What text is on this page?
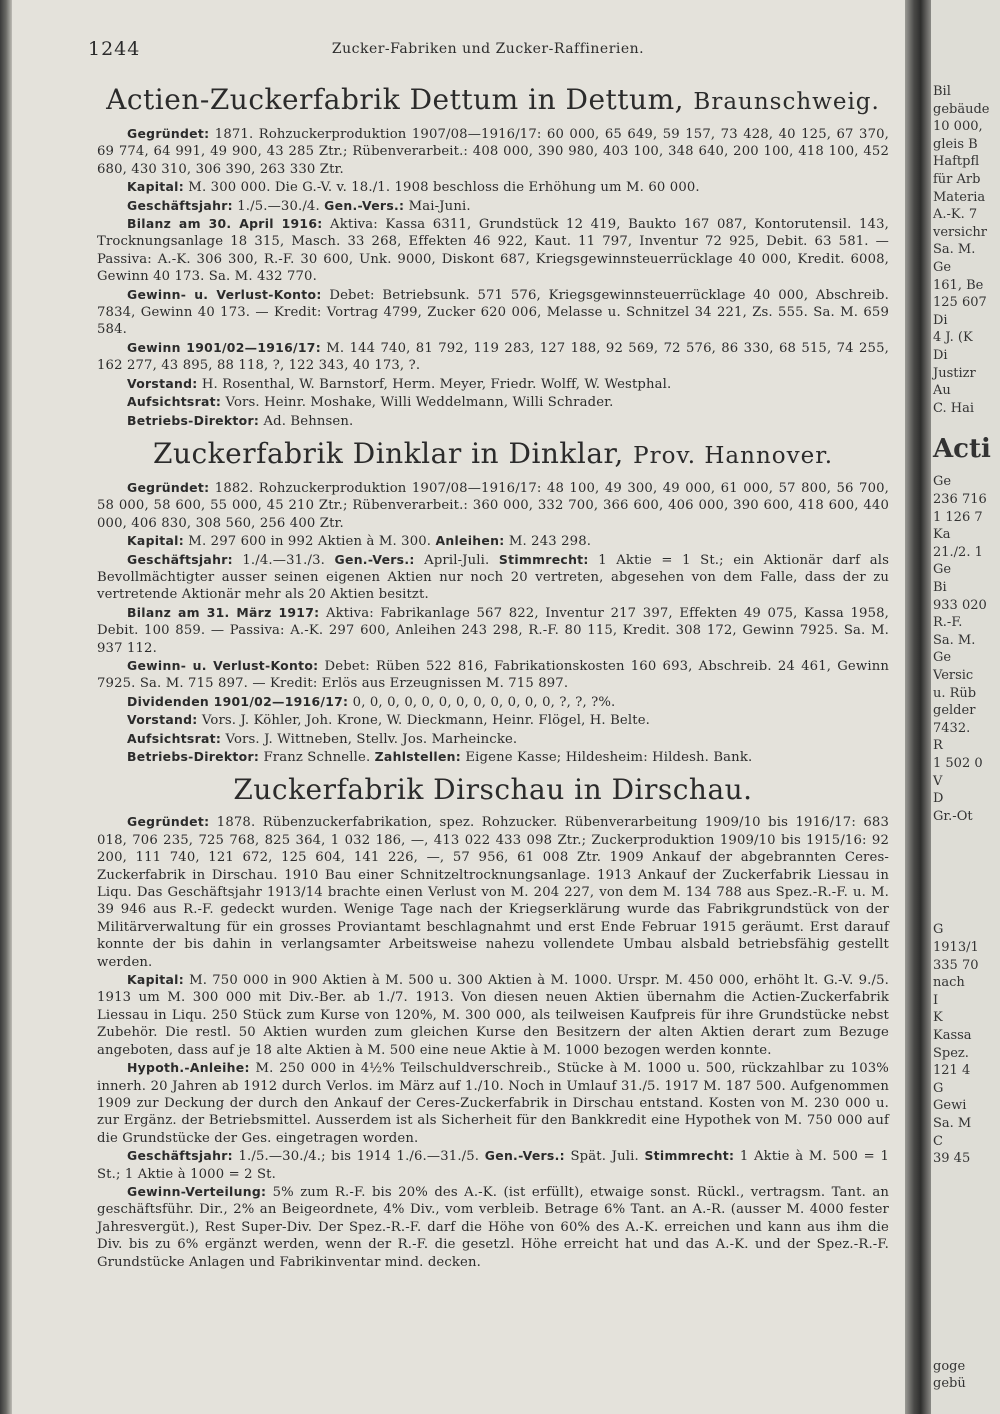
Bil
gebäude
10 000,
gleis B
Haftpfl
für Arb
Materia
A.-K. 7
versichr
Sa. M.
Ge
161, Be
125 607
Di
4 J. (K
Di
Justizr
Au
C. Hai
Acti
Ge
236 716
1 126 7
Ka
21./2. 1
Ge
Bi
933 020
R.-F.
Sa. M.
Ge
Versic
u. Rüb
gelder
7432.
R
1 502 0
V
D
Gr.-Ot
G
1913/1
335 70
nach
I
K
Kassa
Spez.
121 4
G
Gewi
Sa. M
C
39 45
goge
gebü
1244	Zucker-Fabriken und Zucker-Raffinerien.
Actien-Zuckerfabrik Dettum in Dettum, Braunschweig.

Gegründet: 1871. Rohzuckerproduktion 1907/08—1916/17: 60 000, 65 649, 59 157, 73 428, 40 125, 67 370, 69 774, 64 991, 49 900, 43 285 Ztr.; Rübenverarbeit.: 408 000, 390 980, 403 100, 348 640, 200 100, 418 100, 452 680, 430 310, 306 390, 263 330 Ztr.

Kapital: M. 300 000. Die G.-V. v. 18./1. 1908 beschloss die Erhöhung um M. 60 000.

Geschäftsjahr: 1./5.—30./4. Gen.-Vers.: Mai-Juni.

Bilanz am 30. April 1916: Aktiva: Kassa 6311, Grundstück 12 419, Baukto 167 087, Kontorutensil. 143, Trocknungsanlage 18 315, Masch. 33 268, Effekten 46 922, Kaut. 11 797, Inventur 72 925, Debit. 63 581. — Passiva: A.-K. 306 300, R.-F. 30 600, Unk. 9000, Diskont 687, Kriegsgewinnsteuerrücklage 40 000, Kredit. 6008, Gewinn 40 173. Sa. M. 432 770.

Gewinn- u. Verlust-Konto: Debet: Betriebsunk. 571 576, Kriegsgewinnsteuerrücklage 40 000, Abschreib. 7834, Gewinn 40 173. — Kredit: Vortrag 4799, Zucker 620 006, Melasse u. Schnitzel 34 221, Zs. 555. Sa. M. 659 584.

Gewinn 1901/02—1916/17: M. 144 740, 81 792, 119 283, 127 188, 92 569, 72 576, 86 330, 68 515, 74 255, 162 277, 43 895, 88 118, ?, 122 343, 40 173, ?.

Vorstand: H. Rosenthal, W. Barnstorf, Herm. Meyer, Friedr. Wolff, W. Westphal.

Aufsichtsrat: Vors. Heinr. Moshake, Willi Weddelmann, Willi Schrader.

Betriebs-Direktor: Ad. Behnsen.

Zuckerfabrik Dinklar in Dinklar, Prov. Hannover.

Gegründet: 1882. Rohzuckerproduktion 1907/08—1916/17: 48 100, 49 300, 49 000, 61 000, 57 800, 56 700, 58 000, 58 600, 55 000, 45 210 Ztr.; Rübenverarbeit.: 360 000, 332 700, 366 600, 406 000, 390 600, 418 600, 440 000, 406 830, 308 560, 256 400 Ztr.

Kapital: M. 297 600 in 992 Aktien à M. 300. Anleihen: M. 243 298.

Geschäftsjahr: 1./4.—31./3. Gen.-Vers.: April-Juli. Stimmrecht: 1 Aktie = 1 St.; ein Aktionär darf als Bevollmächtigter ausser seinen eigenen Aktien nur noch 20 vertreten, abgesehen von dem Falle, dass der zu vertretende Aktionär mehr als 20 Aktien besitzt.

Bilanz am 31. März 1917: Aktiva: Fabrikanlage 567 822, Inventur 217 397, Effekten 49 075, Kassa 1958, Debit. 100 859. — Passiva: A.-K. 297 600, Anleihen 243 298, R.-F. 80 115, Kredit. 308 172, Gewinn 7925. Sa. M. 937 112.

Gewinn- u. Verlust-Konto: Debet: Rüben 522 816, Fabrikationskosten 160 693, Abschreib. 24 461, Gewinn 7925. Sa. M. 715 897. — Kredit: Erlös aus Erzeugnissen M. 715 897.

Dividenden 1901/02—1916/17: 0, 0, 0, 0, 0, 0, 0, 0, 0, 0, 0, 0, ?, ?, ?%.

Vorstand: Vors. J. Köhler, Joh. Krone, W. Dieckmann, Heinr. Flögel, H. Belte.

Aufsichtsrat: Vors. J. Wittneben, Stellv. Jos. Marheincke.

Betriebs-Direktor: Franz Schnelle. Zahlstellen: Eigene Kasse; Hildesheim: Hildesh. Bank.

Zuckerfabrik Dirschau in Dirschau.

Gegründet: 1878. Rübenzuckerfabrikation, spez. Rohzucker. Rübenverarbeitung 1909/10 bis 1916/17: 683 018, 706 235, 725 768, 825 364, 1 032 186, —, 413 022 433 098 Ztr.; Zuckerproduktion 1909/10 bis 1915/16: 92 200, 111 740, 121 672, 125 604, 141 226, —, 57 956, 61 008 Ztr. 1909 Ankauf der abgebrannten Ceres-Zuckerfabrik in Dirschau. 1910 Bau einer Schnitzeltrocknungsanlage. 1913 Ankauf der Zuckerfabrik Liessau in Liqu. Das Geschäftsjahr 1913/14 brachte einen Verlust von M. 204 227, von dem M. 134 788 aus Spez.-R.-F. u. M. 39 946 aus R.-F. gedeckt wurden. Wenige Tage nach der Kriegserklärung wurde das Fabrikgrundstück von der Militärverwaltung für ein grosses Proviantamt beschlagnahmt und erst Ende Februar 1915 geräumt. Erst darauf konnte der bis dahin in verlangsamter Arbeitsweise nahezu vollendete Umbau alsbald betriebsfähig gestellt werden.

Kapital: M. 750 000 in 900 Aktien à M. 500 u. 300 Aktien à M. 1000. Urspr. M. 450 000, erhöht lt. G.-V. 9./5. 1913 um M. 300 000 mit Div.-Ber. ab 1./7. 1913. Von diesen neuen Aktien übernahm die Actien-Zuckerfabrik Liessau in Liqu. 250 Stück zum Kurse von 120%, M. 300 000, als teilweisen Kaufpreis für ihre Grundstücke nebst Zubehör. Die restl. 50 Aktien wurden zum gleichen Kurse den Besitzern der alten Aktien derart zum Bezuge angeboten, dass auf je 18 alte Aktien à M. 500 eine neue Aktie à M. 1000 bezogen werden konnte.

Hypoth.-Anleihe: M. 250 000 in 4½% Teilschuldverschreib., Stücke à M. 1000 u. 500, rückzahlbar zu 103% innerh. 20 Jahren ab 1912 durch Verlos. im März auf 1./10. Noch in Umlauf 31./5. 1917 M. 187 500. Aufgenommen 1909 zur Deckung der durch den Ankauf der Ceres-Zuckerfabrik in Dirschau entstand. Kosten von M. 230 000 u. zur Ergänz. der Betriebsmittel. Ausserdem ist als Sicherheit für den Bankkredit eine Hypothek von M. 750 000 auf die Grundstücke der Ges. eingetragen worden.

Geschäftsjahr: 1./5.—30./4.; bis 1914 1./6.—31./5. Gen.-Vers.: Spät. Juli. Stimmrecht: 1 Aktie à M. 500 = 1 St.; 1 Aktie à 1000 = 2 St.

Gewinn-Verteilung: 5% zum R.-F. bis 20% des A.-K. (ist erfüllt), etwaige sonst. Rückl., vertragsm. Tant. an geschäftsführ. Dir., 2% an Beigeordnete, 4% Div., vom verbleib. Betrage 6% Tant. an A.-R. (ausser M. 4000 fester Jahresvergüt.), Rest Super-Div. Der Spez.-R.-F. darf die Höhe von 60% des A.-K. erreichen und kann aus ihm die Div. bis zu 6% ergänzt werden, wenn der R.-F. die gesetzl. Höhe erreicht hat und das A.-K. und der Spez.-R.-F. Grundstücke Anlagen und Fabrikinventar mind. decken.
